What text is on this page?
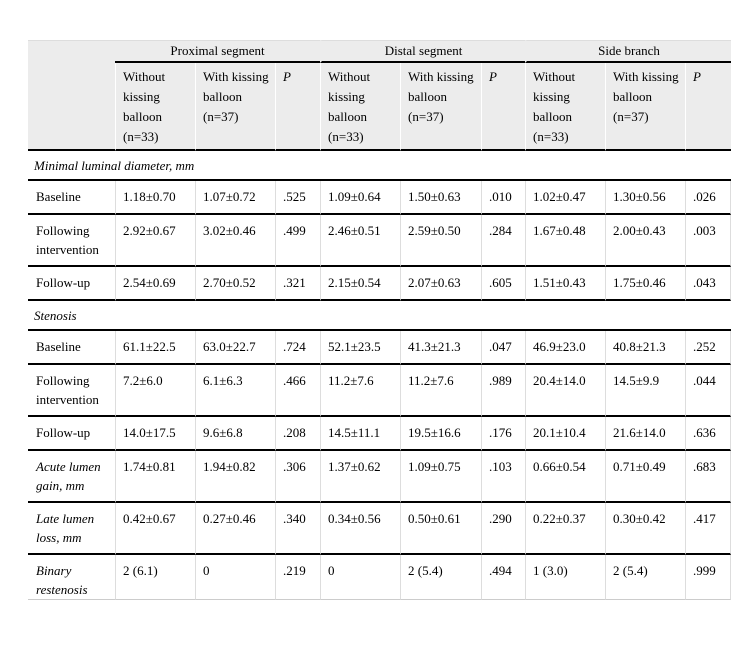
	Proximal segment			Distal segment			Side branch		
	Without kissing balloon (n=33)	With kissing balloon (n=37)	P	Without kissing balloon (n=33)	With kissing balloon (n=37)	P	Without kissing balloon (n=33)	With kissing balloon (n=37)	P
Minimal luminal diameter, mm									
Baseline	1.18±0.70	1.07±0.72	.525	1.09±0.64	1.50±0.63	.010	1.02±0.47	1.30±0.56	.026
Following intervention	2.92±0.67	3.02±0.46	.499	2.46±0.51	2.59±0.50	.284	1.67±0.48	2.00±0.43	.003
Follow-up	2.54±0.69	2.70±0.52	.321	2.15±0.54	2.07±0.63	.605	1.51±0.43	1.75±0.46	.043
Stenosis									
Baseline	61.1±22.5	63.0±22.7	.724	52.1±23.5	41.3±21.3	.047	46.9±23.0	40.8±21.3	.252
Following intervention	7.2±6.0	6.1±6.3	.466	11.2±7.6	11.2±7.6	.989	20.4±14.0	14.5±9.9	.044
Follow-up	14.0±17.5	9.6±6.8	.208	14.5±11.1	19.5±16.6	.176	20.1±10.4	21.6±14.0	.636
Acute lumen gain, mm	1.74±0.81	1.94±0.82	.306	1.37±0.62	1.09±0.75	.103	0.66±0.54	0.71±0.49	.683
Late lumen loss, mm	0.42±0.67	0.27±0.46	.340	0.34±0.56	0.50±0.61	.290	0.22±0.37	0.30±0.42	.417
Binary restenosis	2 (6.1)	0	.219	0	2 (5.4)	.494	1 (3.0)	2 (5.4)	.999
